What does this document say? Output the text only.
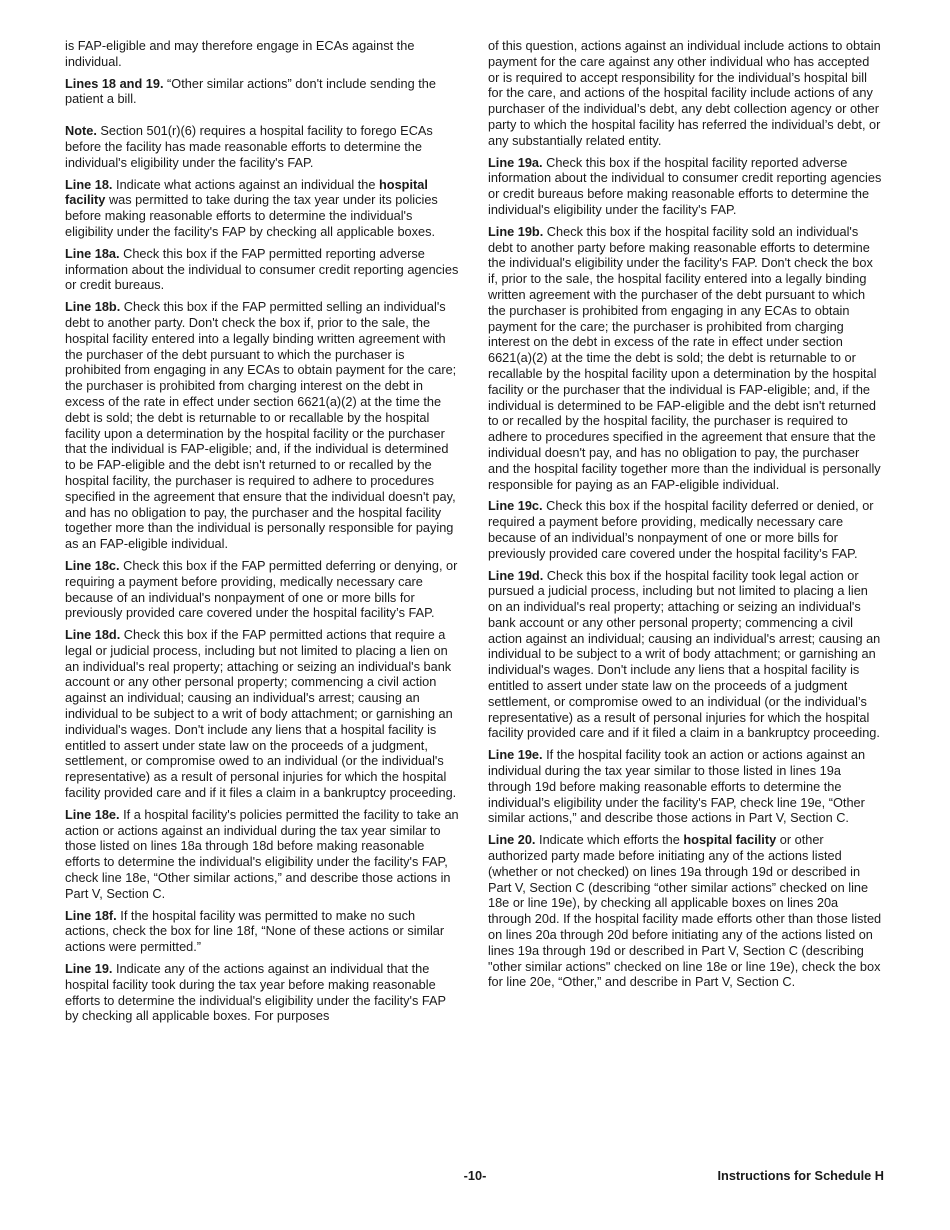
is FAP-eligible and may therefore engage in ECAs against the individual.

Lines 18 and 19. “Other similar actions” don't include sending the patient a bill.

Note. Section 501(r)(6) requires a hospital facility to forego ECAs before the facility has made reasonable efforts to determine the individual's eligibility under the facility's FAP.

Line 18. Indicate what actions against an individual the hospital facility was permitted to take during the tax year under its policies before making reasonable efforts to determine the individual's eligibility under the facility's FAP by checking all applicable boxes.

Line 18a. Check this box if the FAP permitted reporting adverse information about the individual to consumer credit reporting agencies or credit bureaus.

Line 18b. Check this box if the FAP permitted selling an individual's debt to another party. Don't check the box if, prior to the sale, the hospital facility entered into a legally binding written agreement with the purchaser of the debt pursuant to which the purchaser is prohibited from engaging in any ECAs to obtain payment for the care; the purchaser is prohibited from charging interest on the debt in excess of the rate in effect under section 6621(a)(2) at the time the debt is sold; the debt is returnable to or recallable by the hospital facility upon a determination by the hospital facility or the purchaser that the individual is FAP-eligible; and, if the individual is determined to be FAP-eligible and the debt isn't returned to or recalled by the hospital facility, the purchaser is required to adhere to procedures specified in the agreement that ensure that the individual doesn't pay, and has no obligation to pay, the purchaser and the hospital facility together more than the individual is personally responsible for paying as an FAP-eligible individual.

Line 18c. Check this box if the FAP permitted deferring or denying, or requiring a payment before providing, medically necessary care because of an individual's nonpayment of one or more bills for previously provided care covered under the hospital facility’s FAP.

Line 18d. Check this box if the FAP permitted actions that require a legal or judicial process, including but not limited to placing a lien on an individual's real property; attaching or seizing an individual's bank account or any other personal property; commencing a civil action against an individual; causing an individual's arrest; causing an individual to be subject to a writ of body attachment; or garnishing an individual's wages. Don't include any liens that a hospital facility is entitled to assert under state law on the proceeds of a judgment, settlement, or compromise owed to an individual (or the individual's representative) as a result of personal injuries for which the hospital facility provided care and if it files a claim in a bankruptcy proceeding.

Line 18e. If a hospital facility's policies permitted the facility to take an action or actions against an individual during the tax year similar to those listed on lines 18a through 18d before making reasonable efforts to determine the individual's eligibility under the facility's FAP, check line 18e, “Other similar actions,” and describe those actions in Part V, Section C.

Line 18f. If the hospital facility was permitted to make no such actions, check the box for line 18f, “None of these actions or similar actions were permitted.”

Line 19. Indicate any of the actions against an individual that the hospital facility took during the tax year before making reasonable efforts to determine the individual's eligibility under the facility's FAP by checking all applicable boxes. For purposes

of this question, actions against an individual include actions to obtain payment for the care against any other individual who has accepted or is required to accept responsibility for the individual’s hospital bill for the care, and actions of the hospital facility include actions of any purchaser of the individual’s debt, any debt collection agency or other party to which the hospital facility has referred the individual’s debt, or any substantially related entity.

Line 19a. Check this box if the hospital facility reported adverse information about the individual to consumer credit reporting agencies or credit bureaus before making reasonable efforts to determine the individual's eligibility under the facility's FAP.

Line 19b. Check this box if the hospital facility sold an individual's debt to another party before making reasonable efforts to determine the individual's eligibility under the facility's FAP. Don't check the box if, prior to the sale, the hospital facility entered into a legally binding written agreement with the purchaser of the debt pursuant to which the purchaser is prohibited from engaging in any ECAs to obtain payment for the care; the purchaser is prohibited from charging interest on the debt in excess of the rate in effect under section 6621(a)(2) at the time the debt is sold; the debt is returnable to or recallable by the hospital facility upon a determination by the hospital facility or the purchaser that the individual is FAP-eligible; and, if the individual is determined to be FAP-eligible and the debt isn't returned to or recalled by the hospital facility, the purchaser is required to adhere to procedures specified in the agreement that ensure that the individual doesn't pay, and has no obligation to pay, the purchaser and the hospital facility together more than the individual is personally responsible for paying as an FAP-eligible individual.

Line 19c. Check this box if the hospital facility deferred or denied, or required a payment before providing, medically necessary care because of an individual’s nonpayment of one or more bills for previously provided care covered under the hospital facility’s FAP.

Line 19d. Check this box if the hospital facility took legal action or pursued a judicial process, including but not limited to placing a lien on an individual's real property; attaching or seizing an individual's bank account or any other personal property; commencing a civil action against an individual; causing an individual's arrest; causing an individual to be subject to a writ of body attachment; or garnishing an individual's wages. Don't include any liens that a hospital facility is entitled to assert under state law on the proceeds of a judgment settlement, or compromise owed to an individual (or the individual’s representative) as a result of personal injuries for which the hospital facility provided care and if it filed a claim in a bankruptcy proceeding.

Line 19e. If the hospital facility took an action or actions against an individual during the tax year similar to those listed in lines 19a through 19d before making reasonable efforts to determine the individual’s eligibility under the facility's FAP, check line 19e, “Other similar actions,” and describe those actions in Part V, Section C.

Line 20. Indicate which efforts the hospital facility or other authorized party made before initiating any of the actions listed (whether or not checked) on lines 19a through 19d or described in Part V, Section C (describing “other similar actions” checked on line 18e or line 19e), by checking all applicable boxes on lines 20a through 20d. If the hospital facility made efforts other than those listed on lines 20a through 20d before initiating any of the actions listed on lines 19a through 19d or described in Part V, Section C (describing "other similar actions" checked on line 18e or line 19e), check the box for line 20e, “Other,” and describe in Part V, Section C.

-10-	Instructions for Schedule H
